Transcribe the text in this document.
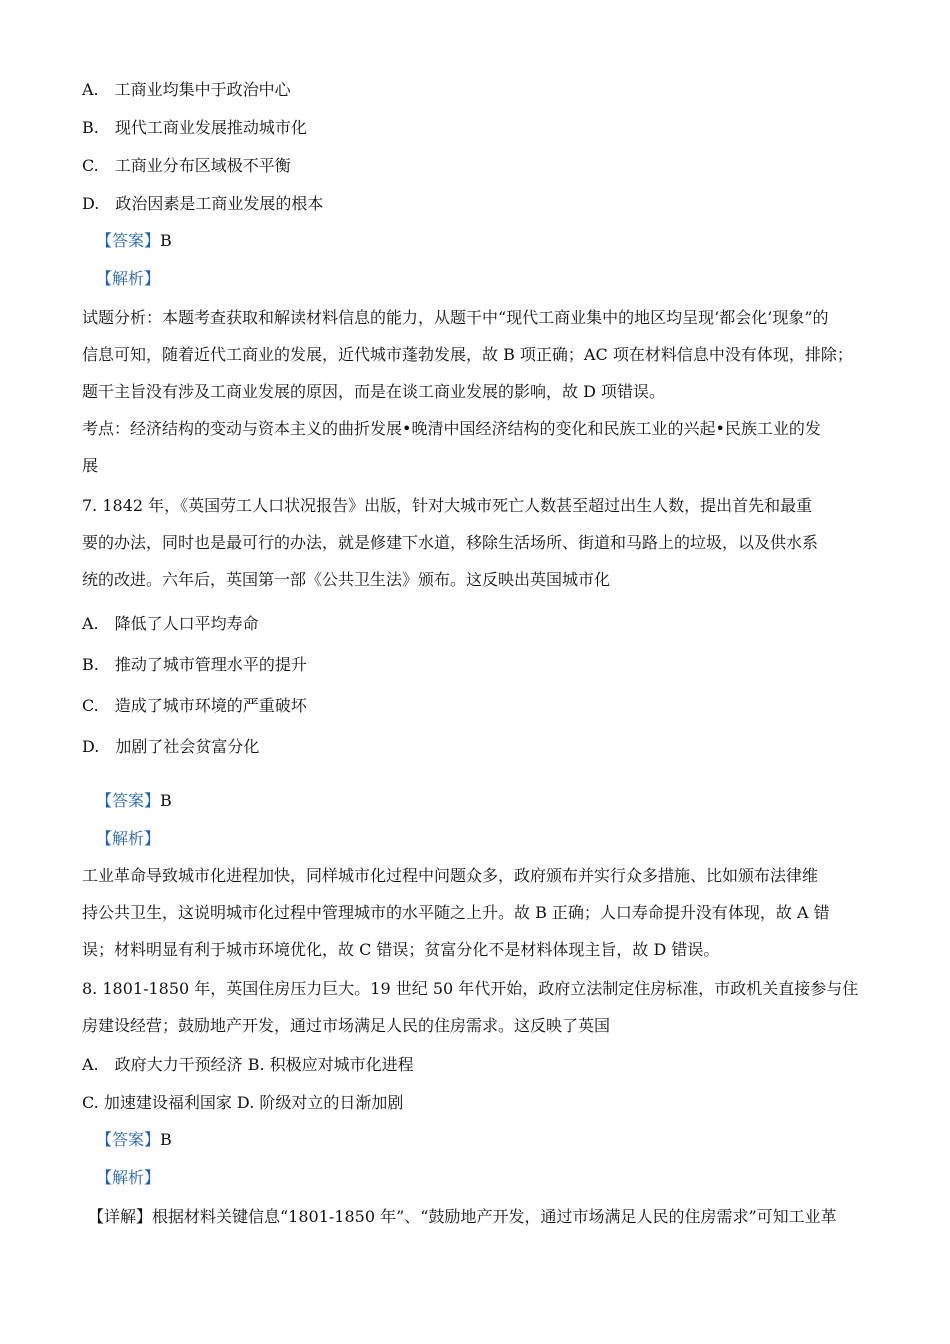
A.　工商业均集中于政治中心
B.　现代工商业发展推动城市化
C.　工商业分布区域极不平衡
D.　政治因素是工商业发展的根本
【答案】B
【解析】

试题分析：本题考查获取和解读材料信息的能力，从题干中“现代工商业集中的地区均呈现‘都会化’现象”的

信息可知，随着近代工商业的发展，近代城市蓬勃发展，故 B 项正确；AC 项在材料信息中没有体现，排除；

题干主旨没有涉及工商业发展的原因，而是在谈工商业发展的影响，故 D 项错误。

考点：经济结构的变动与资本主义的曲折发展•晚清中国经济结构的变化和民族工业的兴起•民族工业的发

展

7. 1842 年，《英国劳工人口状况报告》出版，针对大城市死亡人数甚至超过出生人数，提出首先和最重

要的办法，同时也是最可行的办法，就是修建下水道，移除生活场所、街道和马路上的垃圾，以及供水系

统的改进。六年后，英国第一部《公共卫生法》颁布。这反映出英国城市化

A.　降低了人口平均寿命
B.　推动了城市管理水平的提升
C.　造成了城市环境的严重破坏
D.　加剧了社会贫富分化
【答案】B
【解析】

工业革命导致城市化进程加快，同样城市化过程中问题众多，政府颁布并实行众多措施、比如颁布法律维

持公共卫生，这说明城市化过程中管理城市的水平随之上升。故 B 正确；人口寿命提升没有体现，故 A 错

误；材料明显有利于城市环境优化，故 C 错误；贫富分化不是材料体现主旨，故 D 错误。

8. 1801-1850 年，英国住房压力巨大。19 世纪 50 年代开始，政府立法制定住房标准，市政机关直接参与住

房建设经营；鼓励地产开发，通过市场满足人民的住房需求。这反映了英国

A.　政府大力干预经济 B. 积极应对城市化进程
C. 加速建设福利国家 D. 阶级对立的日渐加剧
【答案】B
【解析】
【详解】根据材料关键信息“1801-1850 年”、“鼓励地产开发，通过市场满足人民的住房需求”可知工业革
